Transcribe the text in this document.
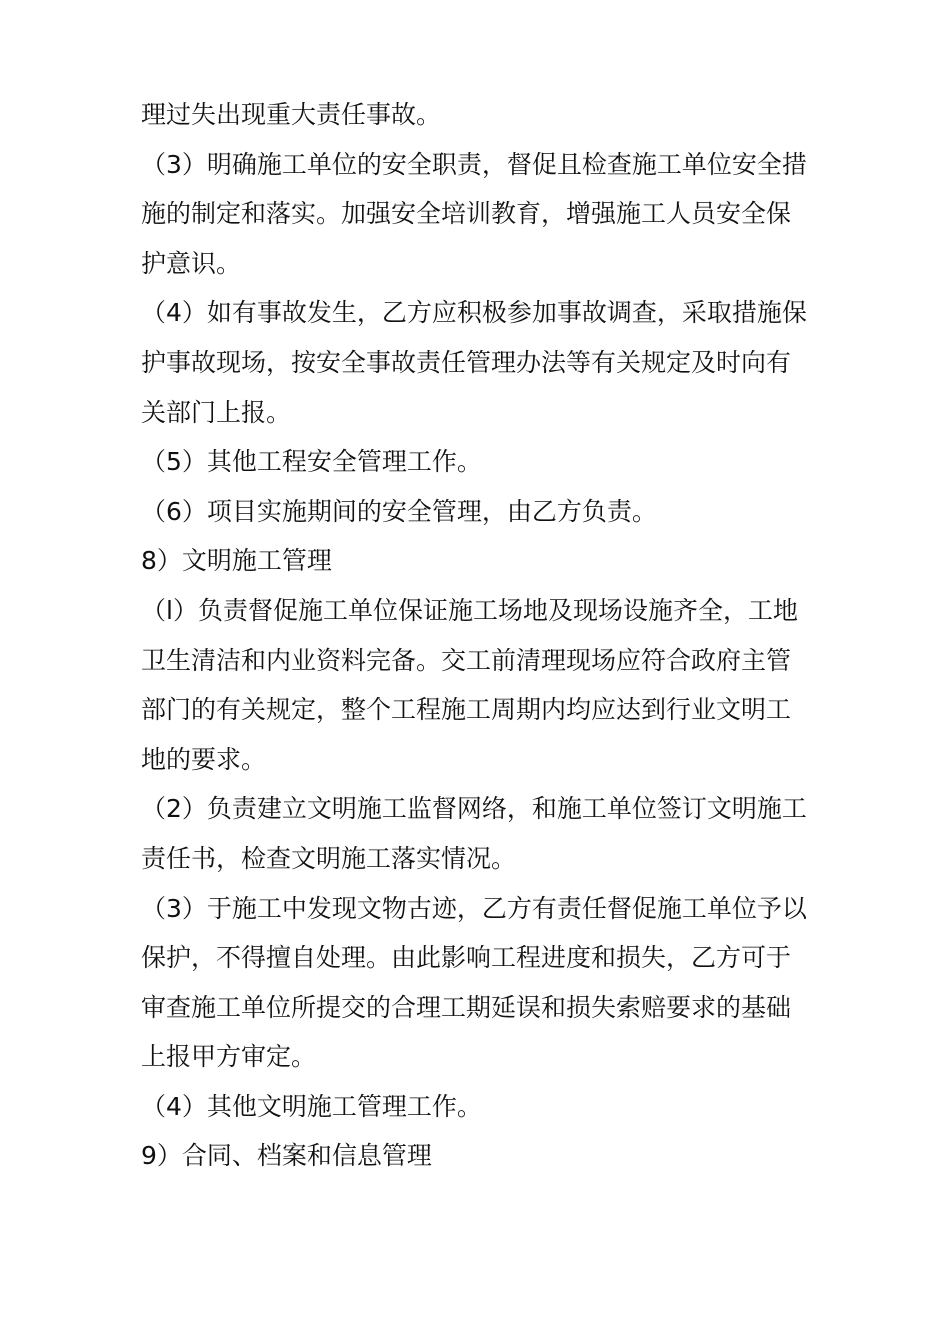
理过失出现重大责任事故。
（3）明确施工单位的安全职责，督促且检查施工单位安全措
施的制定和落实。加强安全培训教育，增强施工人员安全保
护意识。
（4）如有事故发生，乙方应积极参加事故调查，采取措施保
护事故现场，按安全事故责任管理办法等有关规定及时向有
关部门上报。
（5）其他工程安全管理工作。
（6）项目实施期间的安全管理，由乙方负责。
8）文明施工管理
（l）负责督促施工单位保证施工场地及现场设施齐全，工地
卫生清洁和内业资料完备。交工前清理现场应符合政府主管
部门的有关规定，整个工程施工周期内均应达到行业文明工
地的要求。
（2）负责建立文明施工监督网络，和施工单位签订文明施工
责任书，检查文明施工落实情况。
（3）于施工中发现文物古迹，乙方有责任督促施工单位予以
保护，不得擅自处理。由此影响工程进度和损失，乙方可于
审查施工单位所提交的合理工期延误和损失索赔要求的基础
上报甲方审定。
（4）其他文明施工管理工作。
9）合同、档案和信息管理
